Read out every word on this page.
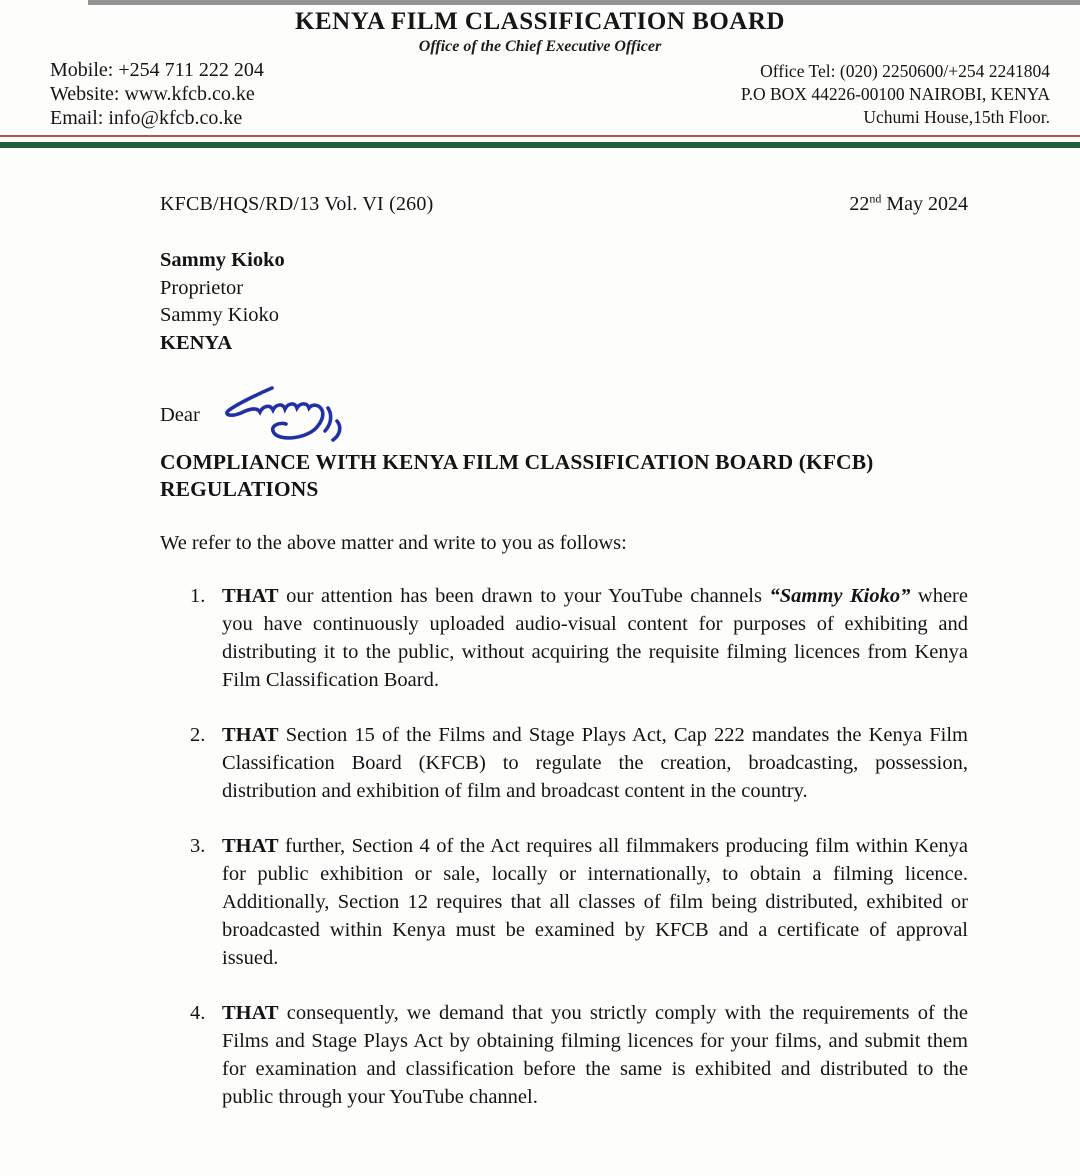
KENYA FILM CLASSIFICATION BOARD
Office of the Chief Executive Officer
Mobile: +254 711 222 204
Website: www.kfcb.co.ke
Email: info@kfcb.co.ke
Office Tel: (020) 2250600/+254 2241804
P.O BOX 44226-00100 NAIROBI, KENYA
Uchumi House,15th Floor.
KFCB/HQS/RD/13 Vol. VI (260)	22nd May 2024
Sammy Kioko
Proprietor
Sammy Kioko
KENYA
Dear
COMPLIANCE WITH KENYA FILM CLASSIFICATION BOARD (KFCB) REGULATIONS
We refer to the above matter and write to you as follows:
1. THAT our attention has been drawn to your YouTube channels “Sammy Kioko” where you have continuously uploaded audio-visual content for purposes of exhibiting and distributing it to the public, without acquiring the requisite filming licences from Kenya Film Classification Board.
2. THAT Section 15 of the Films and Stage Plays Act, Cap 222 mandates the Kenya Film Classification Board (KFCB) to regulate the creation, broadcasting, possession, distribution and exhibition of film and broadcast content in the country.
3. THAT further, Section 4 of the Act requires all filmmakers producing film within Kenya for public exhibition or sale, locally or internationally, to obtain a filming licence. Additionally, Section 12 requires that all classes of film being distributed, exhibited or broadcasted within Kenya must be examined by KFCB and a certificate of approval issued.
4. THAT consequently, we demand that you strictly comply with the requirements of the Films and Stage Plays Act by obtaining filming licences for your films, and submit them for examination and classification before the same is exhibited and distributed to the public through your YouTube channel.
